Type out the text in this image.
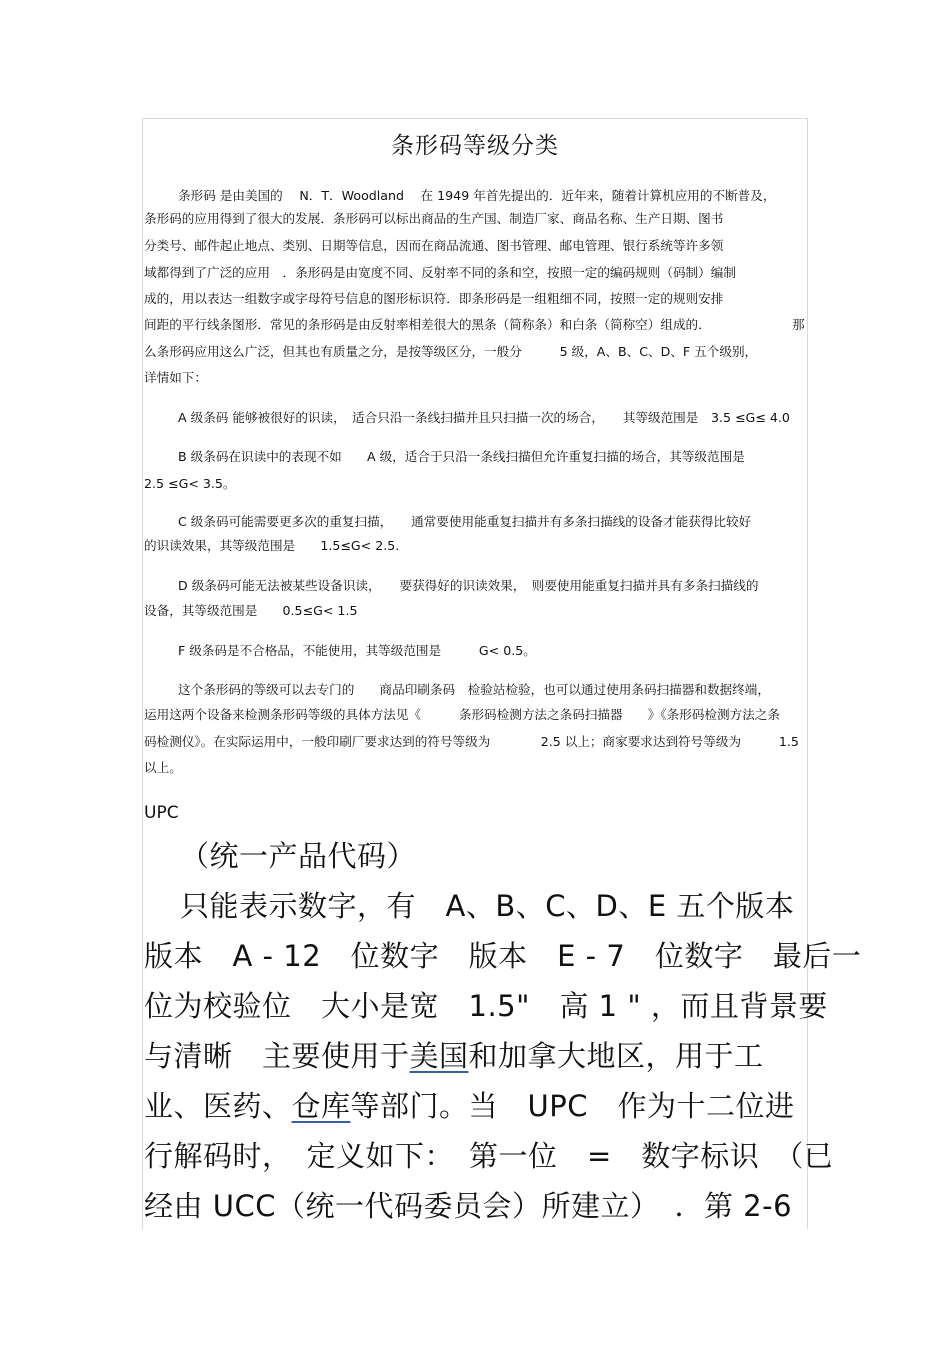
条形码等级分类
条形码 是由美国的　 N．T．Woodland　 在 1949 年首先提出的．近年来，随着计算机应用的不断普及，
条形码的应用得到了很大的发展．条形码可以标出商品的生产国、制造厂家、商品名称、生产日期、图书
分类号、邮件起止地点、类别、日期等信息，因而在商品流通、图书管理、邮电管理、银行系统等许多领
域都得到了广泛的应用　．条形码是由宽度不同、反射率不同的条和空，按照一定的编码规则（码制）编制
成的，用以表达一组数字或字母符号信息的图形标识符．即条形码是一组粗细不同，按照一定的规则安排
间距的平行线条图形．常见的条形码是由反射率相差很大的黑条（简称条）和白条（简称空）组成的．	那
么条形码应用这么广泛，但其也有质量之分，是按等级区分，一般分　　　5 级，A、B、C、D、F 五个级别，
详情如下：
A 级条码 能够被很好的识读，　适合只沿一条线扫描并且只扫描一次的场合，　　其等级范围是　3.5 ≤G≤ 4.0
B 级条码在识读中的表现不如　　A 级，适合于只沿一条线扫描但允许重复扫描的场合，其等级范围是
2.5 ≤G< 3.5。
C 级条码可能需要更多次的重复扫描，　　通常要使用能重复扫描并有多条扫描线的设备才能获得比较好
的识读效果，其等级范围是　　1.5≤G< 2.5.
D 级条码可能无法被某些设备识读，　　要获得好的识读效果，　则要使用能重复扫描并具有多条扫描线的
设备，其等级范围是　　0.5≤G< 1.5
F 级条码是不合格品，不能使用，其等级范围是　　　G< 0.5。
这个条形码的等级可以去专门的　　商品印刷条码　检验站检验，也可以通过使用条码扫描器和数据终端，
运用这两个设备来检测条形码等级的具体方法见《　　　条形码检测方法之条码扫描器　　》《条形码检测方法之条
码检测仪》。在实际运用中，一般印刷厂要求达到的符号等级为　　　　2.5 以上；商家要求达到符号等级为　　　1.5
以上。
UPC
（统一产品代码）
只能表示数字，有　A、B、C、D、E 五个版本
版本　A - 12　位数字　版本　E - 7　位数字　最后一
位为校验位　大小是宽　1.5"　高 1 " ，而且背景要
与清晰　主要使用于美国和加拿大地区，用于工
业、医药、仓库等部门。当　UPC　作为十二位进
行解码时，　定义如下：　第一位　=　数字标识　（已
经由 UCC（统一代码委员会）所建立）　．第 2-6
